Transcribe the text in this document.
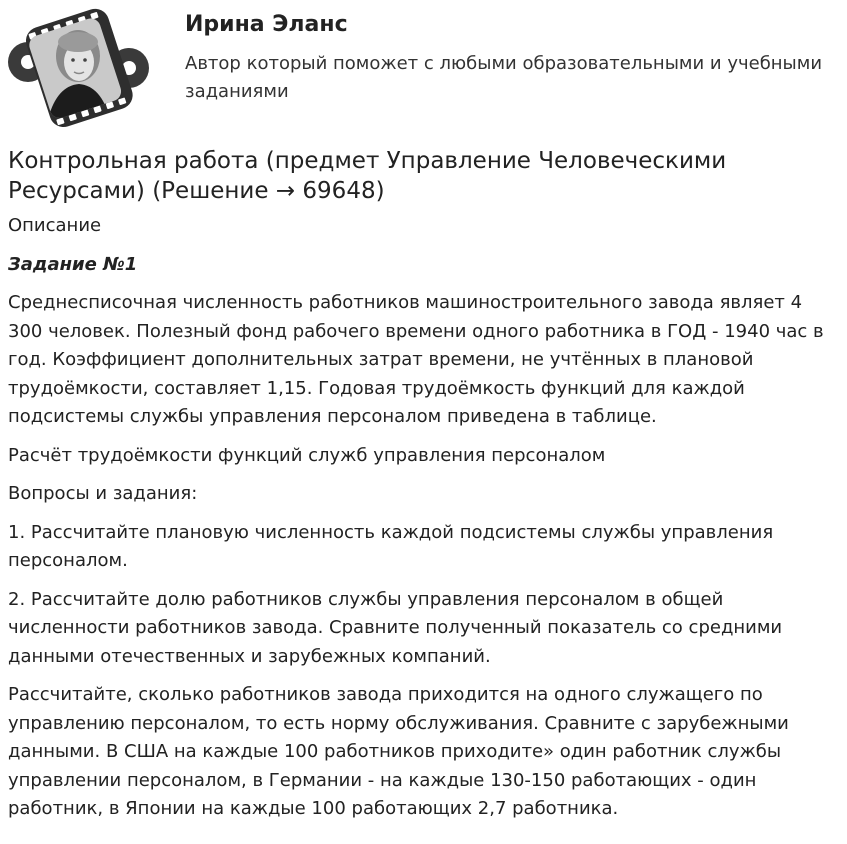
Ирина Эланс

Автор который поможет с любыми образовательными и учебными заданиями

Контрольная работа (предмет Управление Человеческими Ресурсами) (Решение → 69648)

Описание

Задание №1

Среднесписочная численность работников машиностроительного завода являет 4 300 человек. Полезный фонд рабочего времени одного работника в ГОД - 1940 час в год. Коэффициент дополнительных затрат времени, не учтённых в плановой трудоёмкости, составляет 1,15. Годовая трудоёмкость функций для каждой подсистемы службы управления персоналом приведена в таблице.

Расчёт трудоёмкости функций служб управления персоналом

Вопросы и задания:

1. Рассчитайте плановую численность каждой подсистемы службы управления персоналом.

2. Рассчитайте долю работников службы управления персоналом в общей численности работников завода. Сравните полученный показатель со средними данными отечественных и зарубежных компаний.

Рассчитайте, сколько работников завода приходится на одного служащего по управлению персоналом, то есть норму обслуживания. Сравните с зарубежными данными. В США на каждые 100 работников приходите» один работник службы управлении персоналом, в Германии - на каждые 130-150 работающих - один работник, в Японии на каждые 100 работающих 2,7 работника.
